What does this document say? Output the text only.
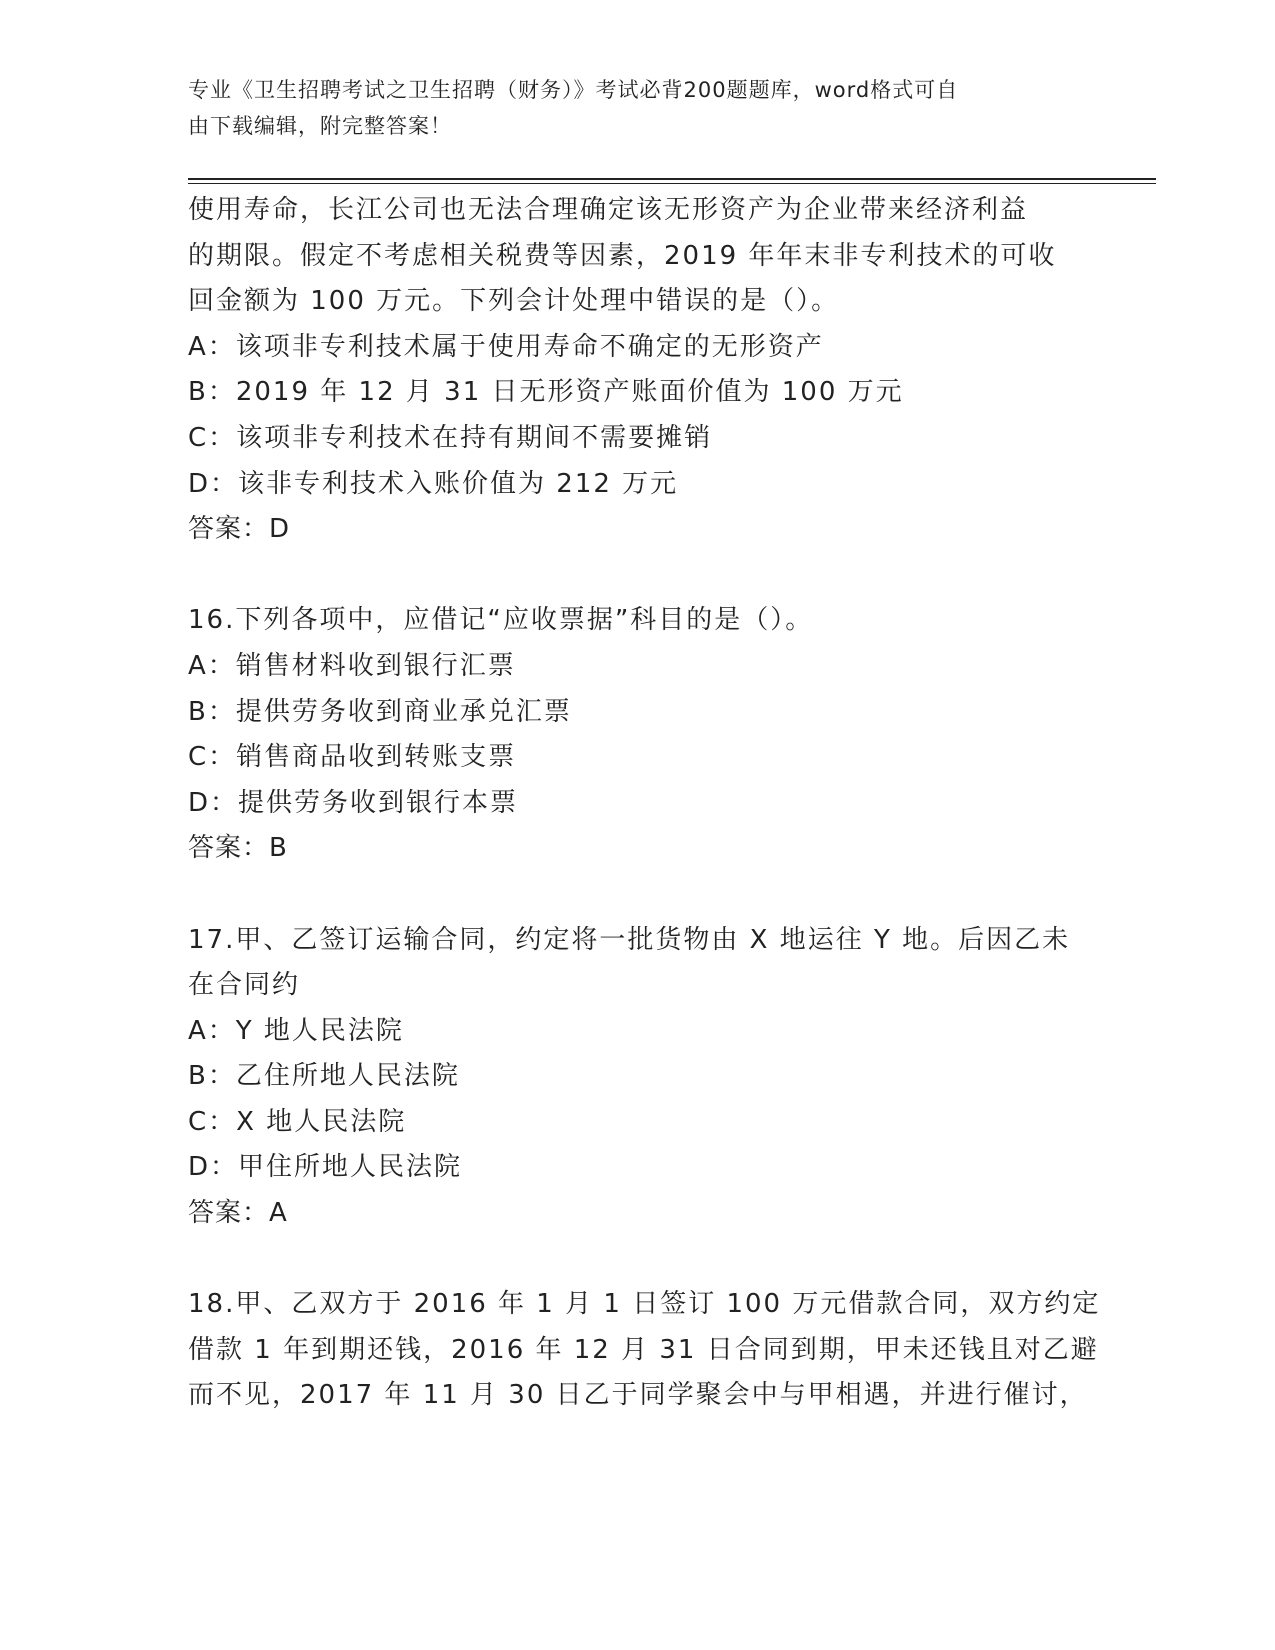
专业《卫生招聘考试之卫生招聘（财务）》考试必背200题题库，word格式可自
由下载编辑，附完整答案！
使用寿命，长江公司也无法合理确定该无形资产为企业带来经济利益
的期限。假定不考虑相关税费等因素，2019 年年末非专利技术的可收
回金额为 100 万元。下列会计处理中错误的是（）。
A：该项非专利技术属于使用寿命不确定的无形资产
B：2019 年 12 月 31 日无形资产账面价值为 100 万元
C：该项非专利技术在持有期间不需要摊销
D：该非专利技术入账价值为 212 万元
答案：D
16.下列各项中，应借记“应收票据”科目的是（）。
A：销售材料收到银行汇票
B：提供劳务收到商业承兑汇票
C：销售商品收到转账支票
D：提供劳务收到银行本票
答案：B
17.甲、乙签订运输合同，约定将一批货物由 X 地运往 Y 地。后因乙未
在合同约
A：Y 地人民法院
B：乙住所地人民法院
C：X 地人民法院
D：甲住所地人民法院
答案：A
18.甲、乙双方于 2016 年 1 月 1 日签订 100 万元借款合同，双方约定
借款 1 年到期还钱，2016 年 12 月 31 日合同到期，甲未还钱且对乙避
而不见，2017 年 11 月 30 日乙于同学聚会中与甲相遇，并进行催讨，
